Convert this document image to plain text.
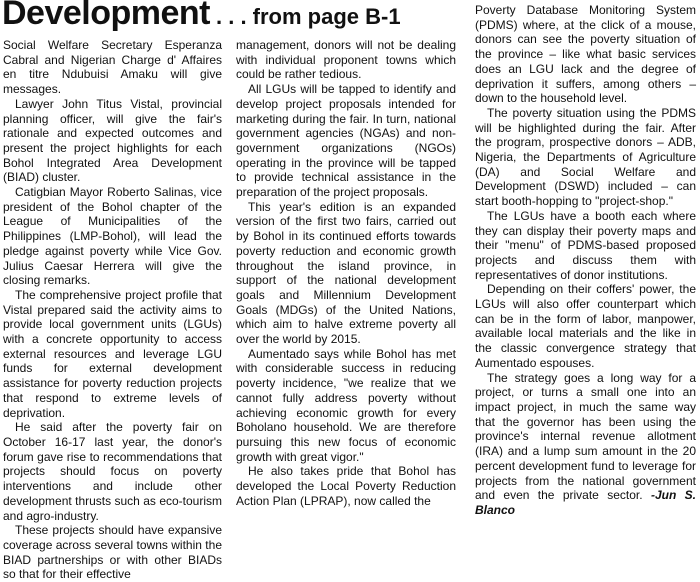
Development . . . from page B-1

Social Welfare Secretary Esperanza Cabral and Nigerian Charge d' Affaires en titre Ndubuisi Amaku will give messages.

Lawyer John Titus Vistal, provincial planning officer, will give the fair's rationale and expected outcomes and present the project highlights for each Bohol Integrated Area Development (BIAD) cluster.

Catigbian Mayor Roberto Salinas, vice president of the Bohol chapter of the League of Municipalities of the Philippines (LMP-Bohol), will lead the pledge against poverty while Vice Gov. Julius Caesar Herrera will give the closing remarks.

The comprehensive project profile that Vistal prepared said the activity aims to provide local government units (LGUs) with a concrete opportunity to access external resources and leverage LGU funds for external development assistance for poverty reduction projects that respond to extreme levels of deprivation.

He said after the poverty fair on October 16-17 last year, the donor's forum gave rise to recommendations that projects should focus on poverty interventions and include other development thrusts such as eco-tourism and agro-industry.

These projects should have expansive coverage across several towns within the BIAD partnerships or with other BIADs so that for their effective

management, donors will not be dealing with individual proponent towns which could be rather tedious.

All LGUs will be tapped to identify and develop project proposals intended for marketing during the fair. In turn, national government agencies (NGAs) and non-government organizations (NGOs) operating in the province will be tapped to provide technical assistance in the preparation of the project proposals.

This year's edition is an expanded version of the first two fairs, carried out by Bohol in its continued efforts towards poverty reduction and economic growth throughout the island province, in support of the national development goals and Millennium Development Goals (MDGs) of the United Nations, which aim to halve extreme poverty all over the world by 2015.

Aumentado says while Bohol has met with considerable success in reducing poverty incidence, "we realize that we cannot fully address poverty without achieving economic growth for every Boholano household. We are therefore pursuing this new focus of economic growth with great vigor."

He also takes pride that Bohol has developed the Local Poverty Reduction Action Plan (LPRAP), now called the

Poverty Database Monitoring System (PDMS) where, at the click of a mouse, donors can see the poverty situation of the province – like what basic services does an LGU lack and the degree of deprivation it suffers, among others – down to the household level.

The poverty situation using the PDMS will be highlighted during the fair. After the program, prospective donors – ADB, Nigeria, the Departments of Agriculture (DA) and Social Welfare and Development (DSWD) included – can start booth-hopping to "project-shop."

The LGUs have a booth each where they can display their poverty maps and their "menu" of PDMS-based proposed projects and discuss them with representatives of donor institutions.

Depending on their coffers' power, the LGUs will also offer counterpart which can be in the form of labor, manpower, available local materials and the like in the classic convergence strategy that Aumentado espouses.

The strategy goes a long way for a project, or turns a small one into an impact project, in much the same way that the governor has been using the province's internal revenue allotment (IRA) and a lump sum amount in the 20 percent development fund to leverage for projects from the national government and even the private sector. -Jun S. Blanco
